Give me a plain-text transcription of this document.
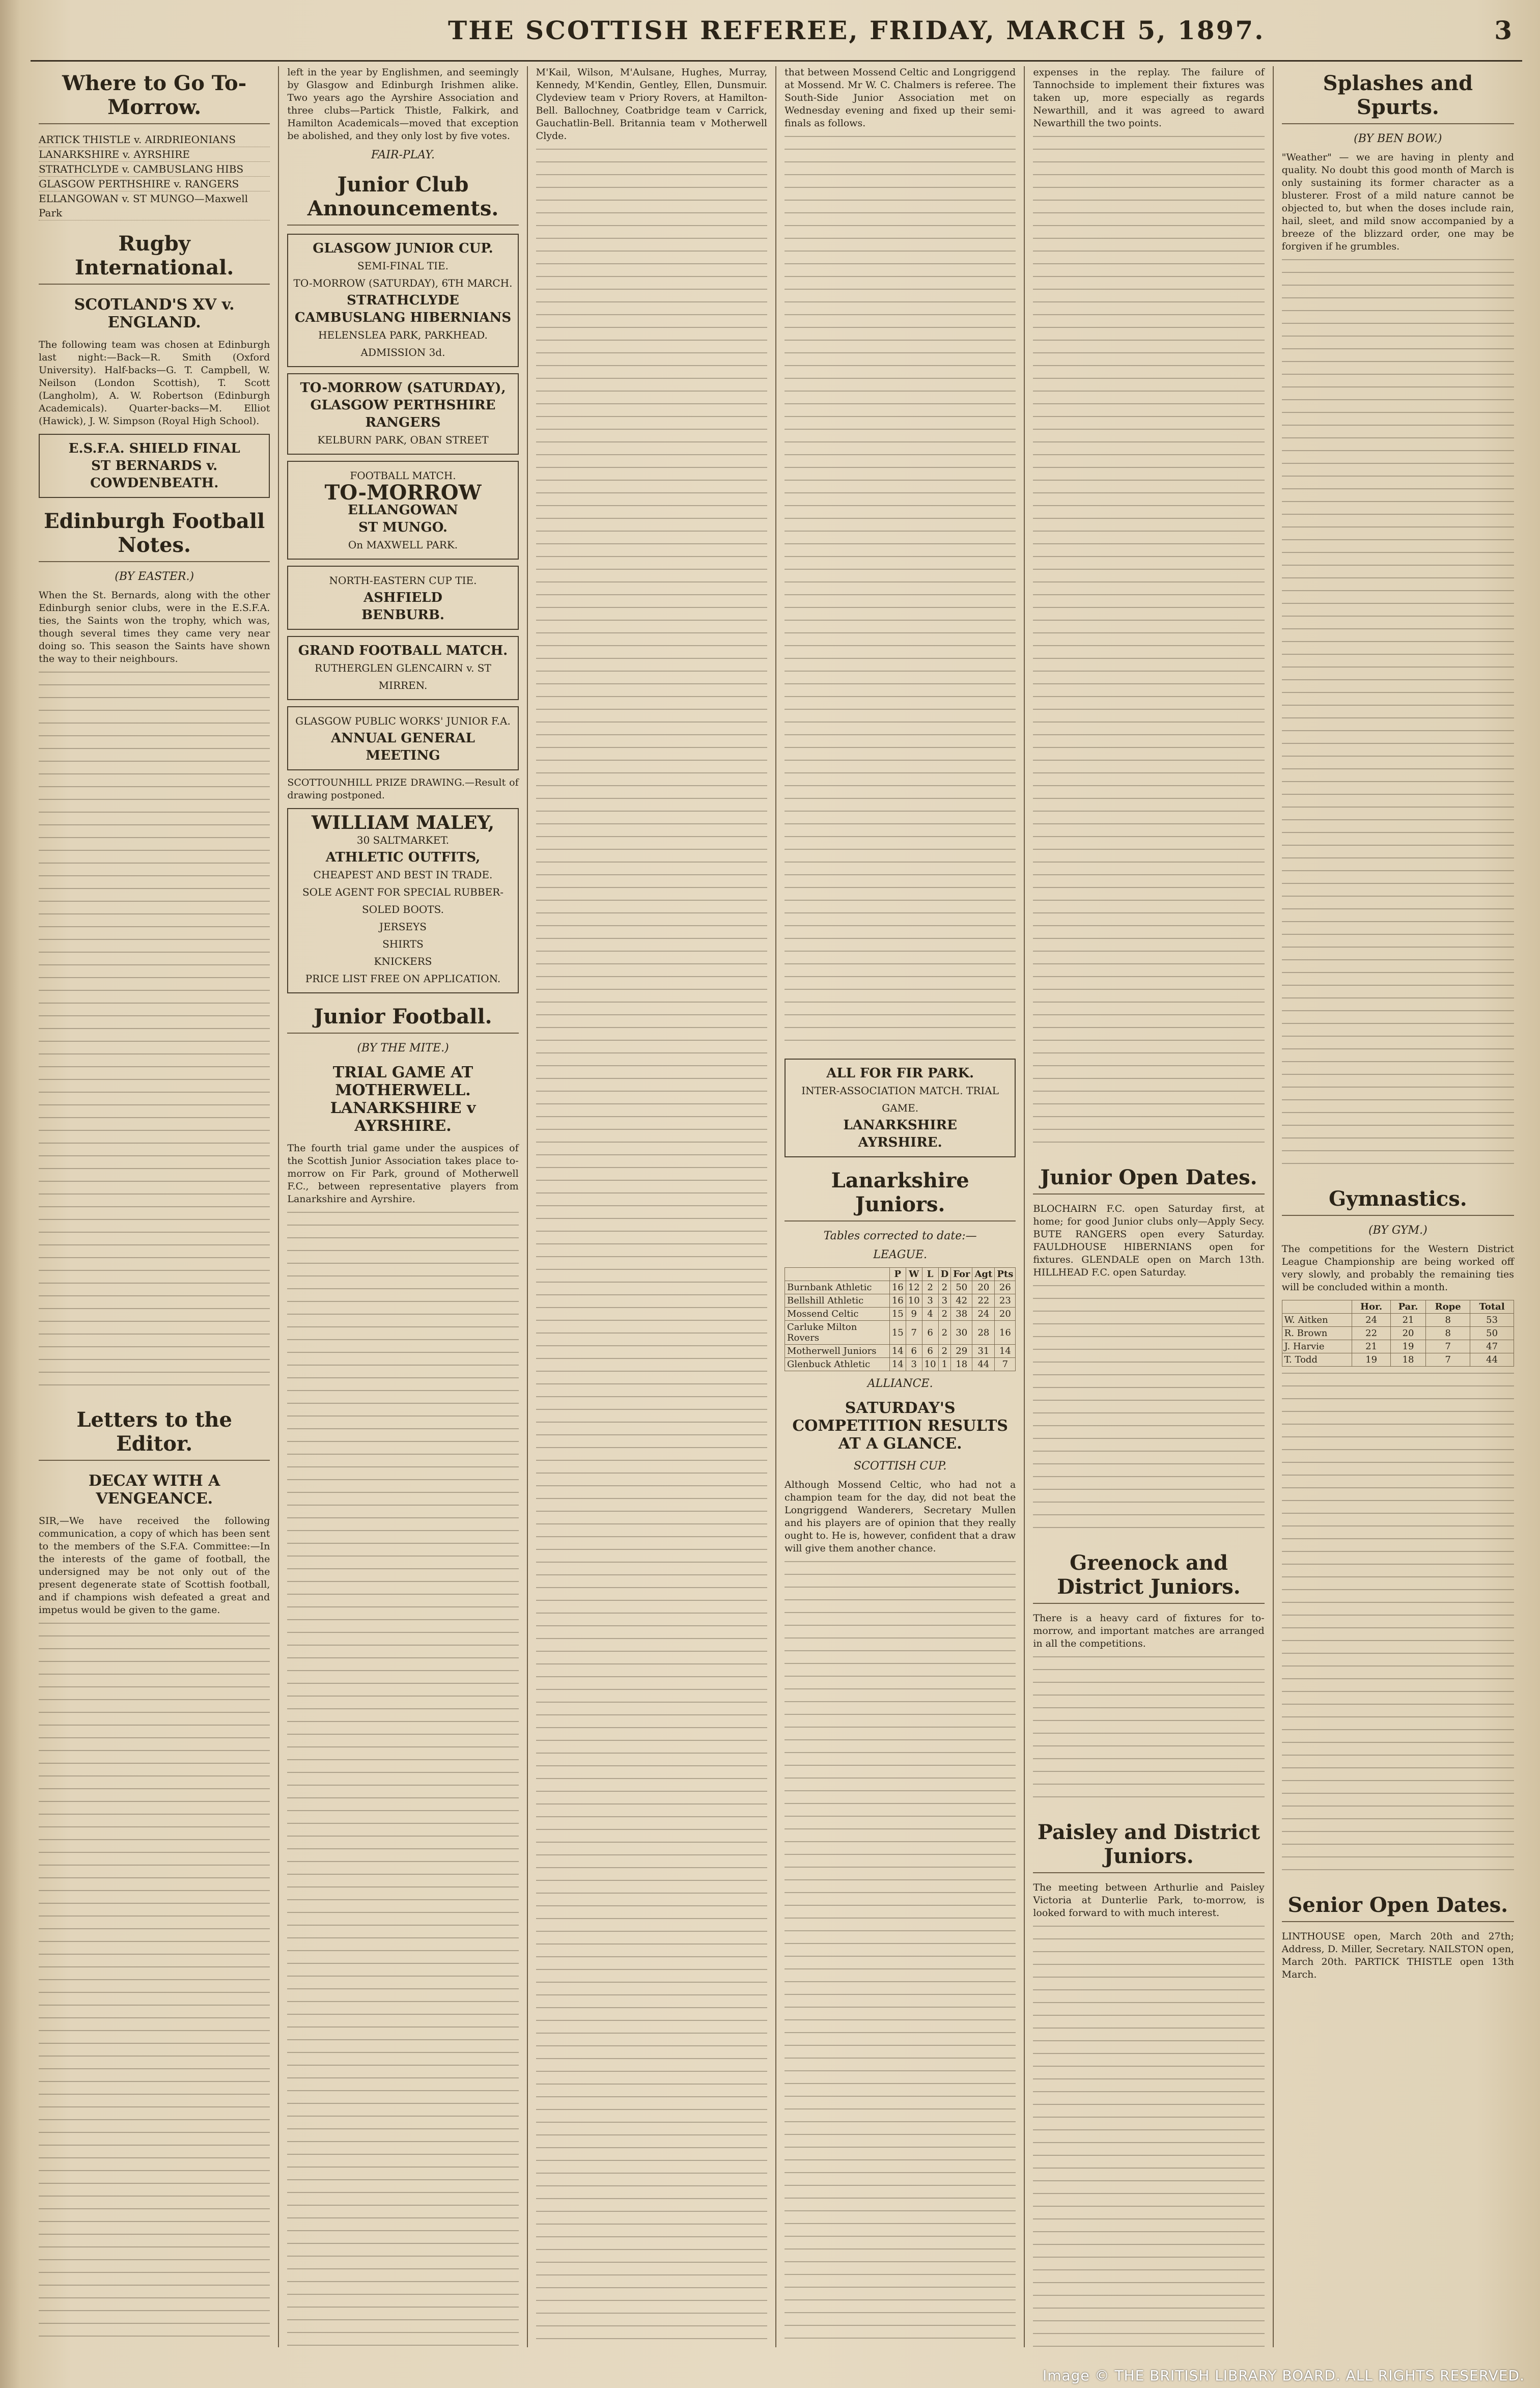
THE SCOTTISH REFEREE, FRIDAY, MARCH 5, 1897.	3
Where to Go To-Morrow.
ARTICK THISTLE v. AIRDRIEONIANS
LANARKSHIRE v. AYRSHIRE
STRATHCLYDE v. CAMBUSLANG HIBS
GLASGOW PERTHSHIRE v. RANGERS
ELLANGOWAN v. ST MUNGO—Maxwell Park
Rugby International.
SCOTLAND'S XV v. ENGLAND.

The following team was chosen at Edinburgh last night:—Back—R. Smith (Oxford University). Half-backs—G. T. Campbell, W. Neilson (London Scottish), T. Scott (Langholm), A. W. Robertson (Edinburgh Academicals). Quarter-backs—M. Elliot (Hawick), J. W. Simpson (Royal High School).

E.S.F.A. SHIELD FINAL
ST BERNARDS v. COWDENBEATH.
Edinburgh Football Notes.
(BY EASTER.)

When the St. Bernards, along with the other Edinburgh senior clubs, were in the E.S.F.A. ties, the Saints won the trophy, which was, though several times they came very near doing so. This season the Saints have shown the way to their neighbours.

Letters to the Editor.
DECAY WITH A VENGEANCE.

SIR,—We have received the following communication, a copy of which has been sent to the members of the S.F.A. Committee:—In the interests of the game of football, the undersigned may be not only out of the present degenerate state of Scottish football, and if champions wish defeated a great and impetus would be given to the game.

left in the year by Englishmen, and seemingly by Glasgow and Edinburgh Irishmen alike. Two years ago the Ayrshire Association and three clubs—Partick Thistle, Falkirk, and Hamilton Academicals—moved that exception be abolished, and they only lost by five votes.

FAIR-PLAY.
Junior Club Announcements.
GLASGOW JUNIOR CUP.
SEMI-FINAL TIE.
TO-MORROW (SATURDAY), 6TH MARCH.
STRATHCLYDE
CAMBUSLANG HIBERNIANS
HELENSLEA PARK, PARKHEAD.
ADMISSION 3d.
TO-MORROW (SATURDAY),
GLASGOW PERTHSHIRE
RANGERS
KELBURN PARK, OBAN STREET
FOOTBALL MATCH.
TO-MORROW
ELLANGOWAN
ST MUNGO.
On MAXWELL PARK.
NORTH-EASTERN CUP TIE.
ASHFIELD
BENBURB.
GRAND FOOTBALL MATCH.
RUTHERGLEN GLENCAIRN v. ST MIRREN.
GLASGOW PUBLIC WORKS' JUNIOR F.A.
ANNUAL GENERAL MEETING

SCOTTOUNHILL PRIZE DRAWING.—Result of drawing postponed.

WILLIAM MALEY,
30 SALTMARKET.
ATHLETIC OUTFITS,
CHEAPEST AND BEST IN TRADE.
SOLE AGENT FOR SPECIAL RUBBER-SOLED BOOTS.
JERSEYS
SHIRTS
KNICKERS
PRICE LIST FREE ON APPLICATION.
Junior Football.
(BY THE MITE.)
TRIAL GAME AT MOTHERWELL. LANARKSHIRE v AYRSHIRE.

The fourth trial game under the auspices of the Scottish Junior Association takes place to-morrow on Fir Park, ground of Motherwell F.C., between representative players from Lanarkshire and Ayrshire.

M'Kail, Wilson, M'Aulsane, Hughes, Murray, Kennedy, M'Kendin, Gentley, Ellen, Dunsmuir. Clydeview team v Priory Rovers, at Hamilton-Bell. Ballochney, Coatbridge team v Carrick, Gauchatlin-Bell. Britannia team v Motherwell Clyde.

that between Mossend Celtic and Longriggend at Mossend. Mr W. C. Chalmers is referee. The South-Side Junior Association met on Wednesday evening and fixed up their semi-finals as follows.

ALL FOR FIR PARK.
INTER-ASSOCIATION MATCH. TRIAL GAME.
LANARKSHIRE
AYRSHIRE.
Lanarkshire Juniors.
Tables corrected to date:—
LEAGUE.
	P	W	L	D	For	Agt	Pts
Burnbank Athletic	16	12	2	2	50	20	26
Bellshill Athletic	16	10	3	3	42	22	23
Mossend Celtic	15	9	4	2	38	24	20
Carluke Milton Rovers	15	7	6	2	30	28	16
Motherwell Juniors	14	6	6	2	29	31	14
Glenbuck Athletic	14	3	10	1	18	44	7
ALLIANCE.
SATURDAY'S COMPETITION RESULTS AT A GLANCE.
SCOTTISH CUP.

Although Mossend Celtic, who had not a champion team for the day, did not beat the Longriggend Wanderers, Secretary Mullen and his players are of opinion that they really ought to. He is, however, confident that a draw will give them another chance.

expenses in the replay. The failure of Tannochside to implement their fixtures was taken up, more especially as regards Newarthill, and it was agreed to award Newarthill the two points.

Junior Open Dates.

BLOCHAIRN F.C. open Saturday first, at home; for good Junior clubs only—Apply Secy. BUTE RANGERS open every Saturday. FAULDHOUSE HIBERNIANS open for fixtures. GLENDALE open on March 13th. HILLHEAD F.C. open Saturday.

Greenock and District Juniors.

There is a heavy card of fixtures for to-morrow, and important matches are arranged in all the competitions.

Paisley and District Juniors.

The meeting between Arthurlie and Paisley Victoria at Dunterlie Park, to-morrow, is looked forward to with much interest.

Splashes and Spurts.
(BY BEN BOW.)

"Weather" — we are having in plenty and quality. No doubt this good month of March is only sustaining its former character as a blusterer. Frost of a mild nature cannot be objected to, but when the doses include rain, hail, sleet, and mild snow accompanied by a breeze of the blizzard order, one may be forgiven if he grumbles.

Gymnastics.
(BY GYM.)

The competitions for the Western District League Championship are being worked off very slowly, and probably the remaining ties will be concluded within a month.

	Hor.	Par.	Rope	Total
W. Aitken	24	21	8	53
R. Brown	22	20	8	50
J. Harvie	21	19	7	47
T. Todd	19	18	7	44
Senior Open Dates.

LINTHOUSE open, March 20th and 27th; Address, D. Miller, Secretary. NAILSTON open, March 20th. PARTICK THISTLE open 13th March.

Image © THE BRITISH LIBRARY BOARD. ALL RIGHTS RESERVED.
